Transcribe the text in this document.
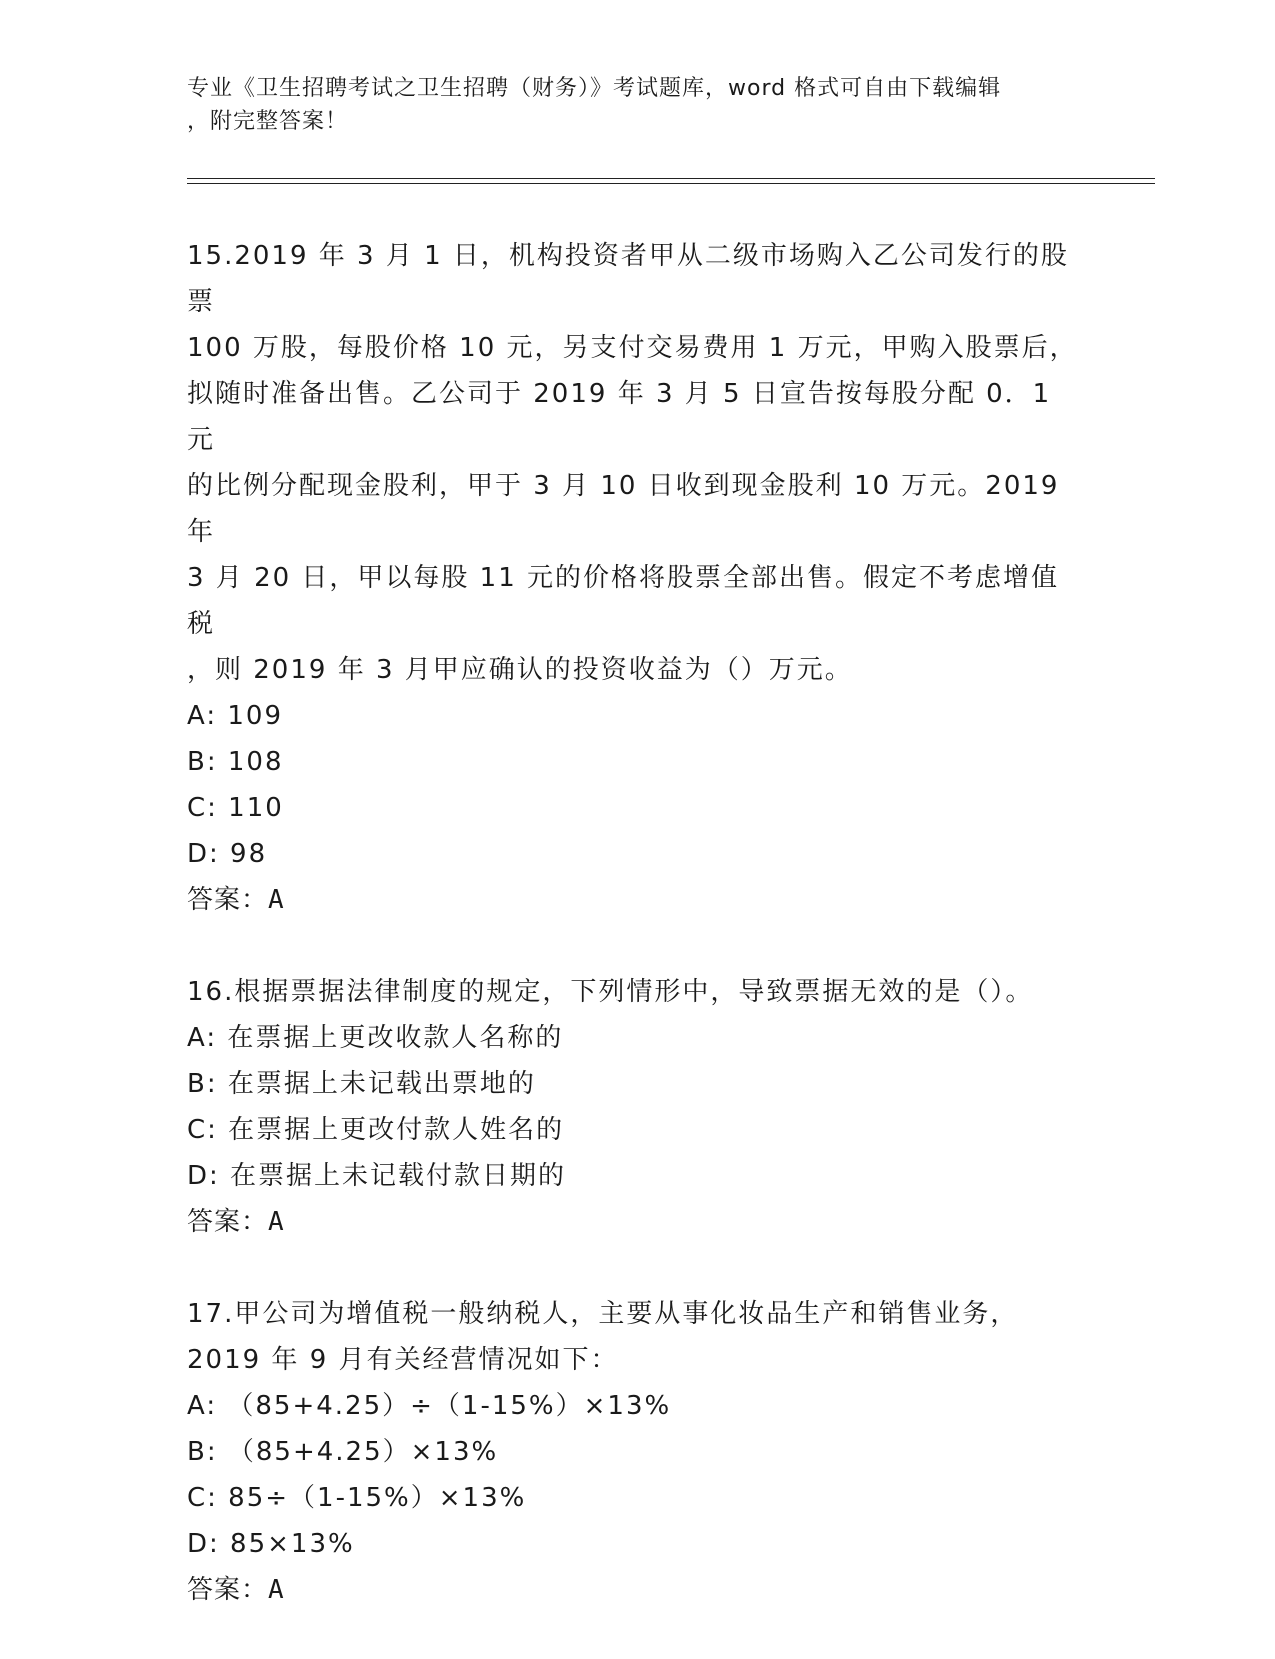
专业《卫生招聘考试之卫生招聘（财务）》考试题库，word 格式可自由下载编辑
，附完整答案！
15.2019 年 3 月 1 日，机构投资者甲从二级市场购入乙公司发行的股票
100 万股，每股价格 10 元，另支付交易费用 1 万元，甲购入股票后，
拟随时准备出售。乙公司于 2019 年 3 月 5 日宣告按每股分配 0．1 元
的比例分配现金股利，甲于 3 月 10 日收到现金股利 10 万元。2019 年
3 月 20 日，甲以每股 11 元的价格将股票全部出售。假定不考虑增值税
，则 2019 年 3 月甲应确认的投资收益为（）万元。
A: 109
B: 108
C: 110
D: 98
答案：A
16.根据票据法律制度的规定，下列情形中，导致票据无效的是（）。
A: 在票据上更改收款人名称的
B: 在票据上未记载出票地的
C: 在票据上更改付款人姓名的
D: 在票据上未记载付款日期的
答案：A
17.甲公司为增值税一般纳税人，主要从事化妆品生产和销售业务，
2019 年 9 月有关经营情况如下：
A: （85+4.25）÷（1-15%）×13%
B: （85+4.25）×13%
C: 85÷（1-15%）×13%
D: 85×13%
答案：A
